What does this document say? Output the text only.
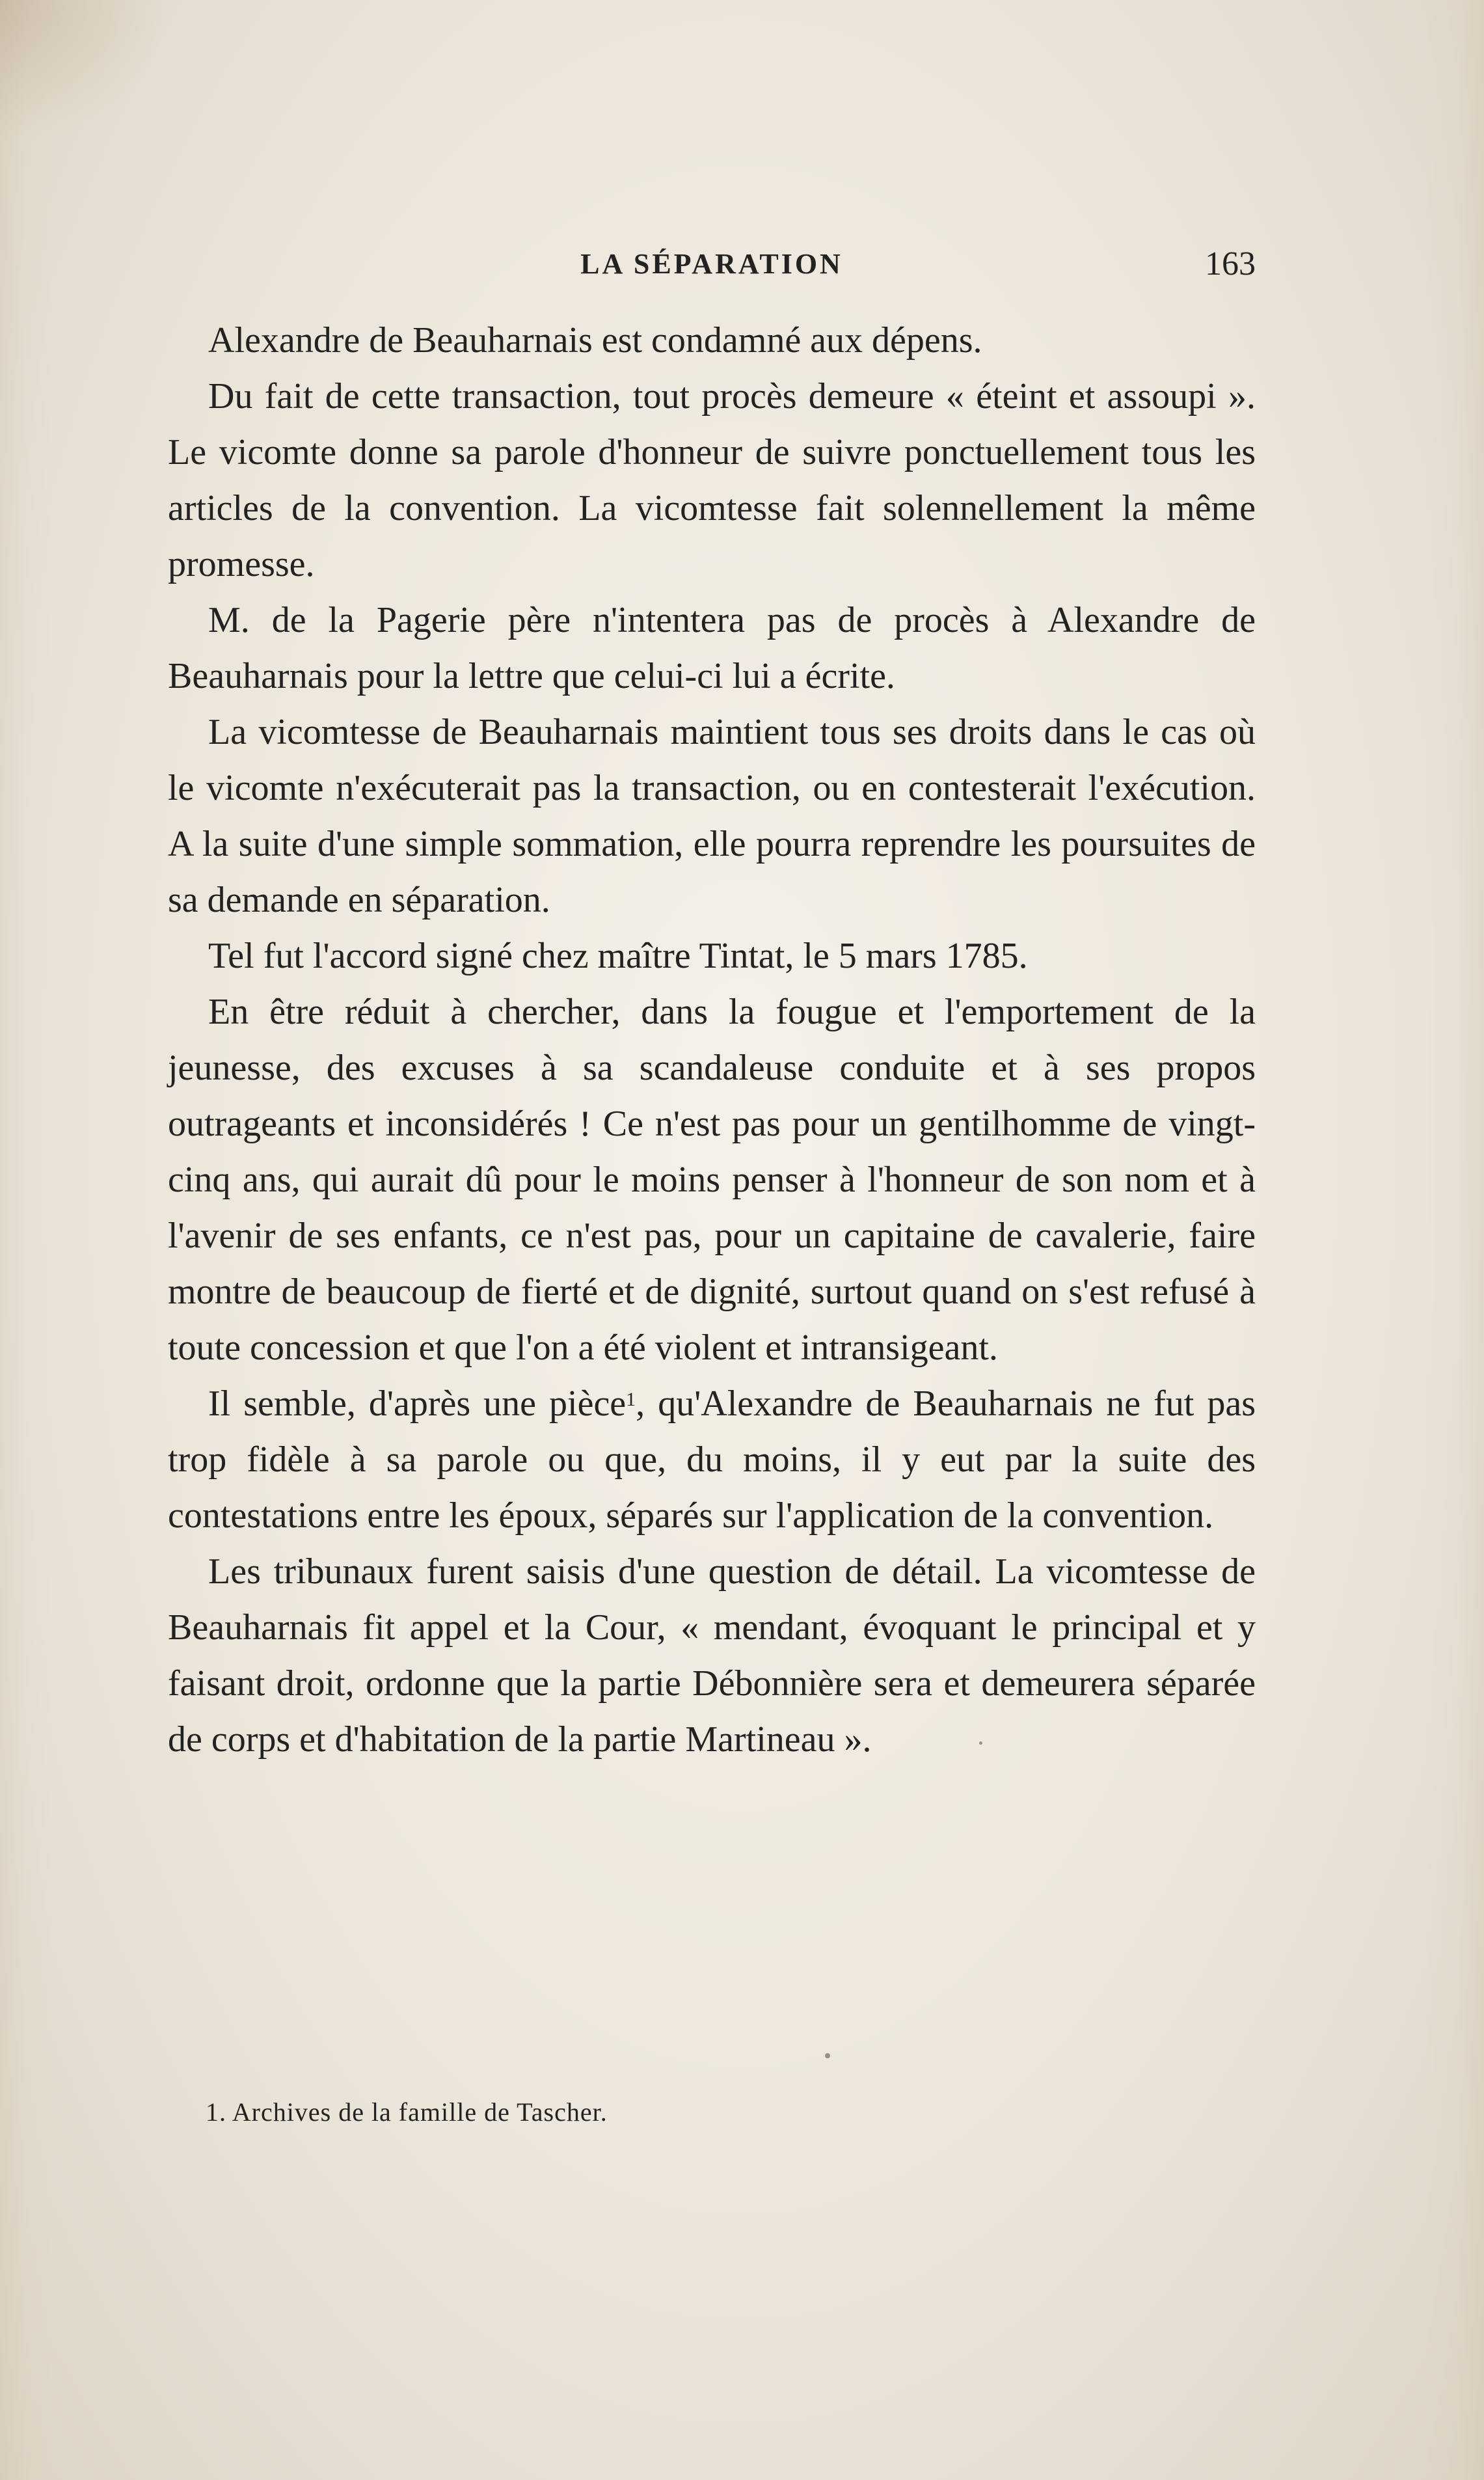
LA SÉPARATION	163

Alexandre de Beauharnais est condamné aux dépens.

Du fait de cette transaction, tout procès demeure « éteint et assoupi ». Le vicomte donne sa parole d'honneur de suivre ponctuellement tous les articles de la convention. La vicomtesse fait solennellement la même promesse.

M. de la Pagerie père n'intentera pas de procès à Alexandre de Beauharnais pour la lettre que celui-ci lui a écrite.

La vicomtesse de Beauharnais maintient tous ses droits dans le cas où le vicomte n'exécuterait pas la transaction, ou en contesterait l'exécution. A la suite d'une simple sommation, elle pourra reprendre les poursuites de sa demande en séparation.

Tel fut l'accord signé chez maître Tintat, le 5 mars 1785.

En être réduit à chercher, dans la fougue et l'emportement de la jeunesse, des excuses à sa scandaleuse conduite et à ses propos outrageants et inconsidérés ! Ce n'est pas pour un gentilhomme de vingt-cinq ans, qui aurait dû pour le moins penser à l'honneur de son nom et à l'avenir de ses enfants, ce n'est pas, pour un capitaine de cavalerie, faire montre de beaucoup de fierté et de dignité, surtout quand on s'est refusé à toute concession et que l'on a été violent et intransigeant.

Il semble, d'après une pièce$^1$, qu'Alexandre de Beauharnais ne fut pas trop fidèle à sa parole ou que, du moins, il y eut par la suite des contestations entre les époux, séparés sur l'application de la convention.

Les tribunaux furent saisis d'une question de détail. La vicomtesse de Beauharnais fit appel et la Cour, « mendant, évoquant le principal et y faisant droit, ordonne que la partie Débonnière sera et demeurera séparée de corps et d'habitation de la partie Martineau ».

1. Archives de la famille de Tascher.
